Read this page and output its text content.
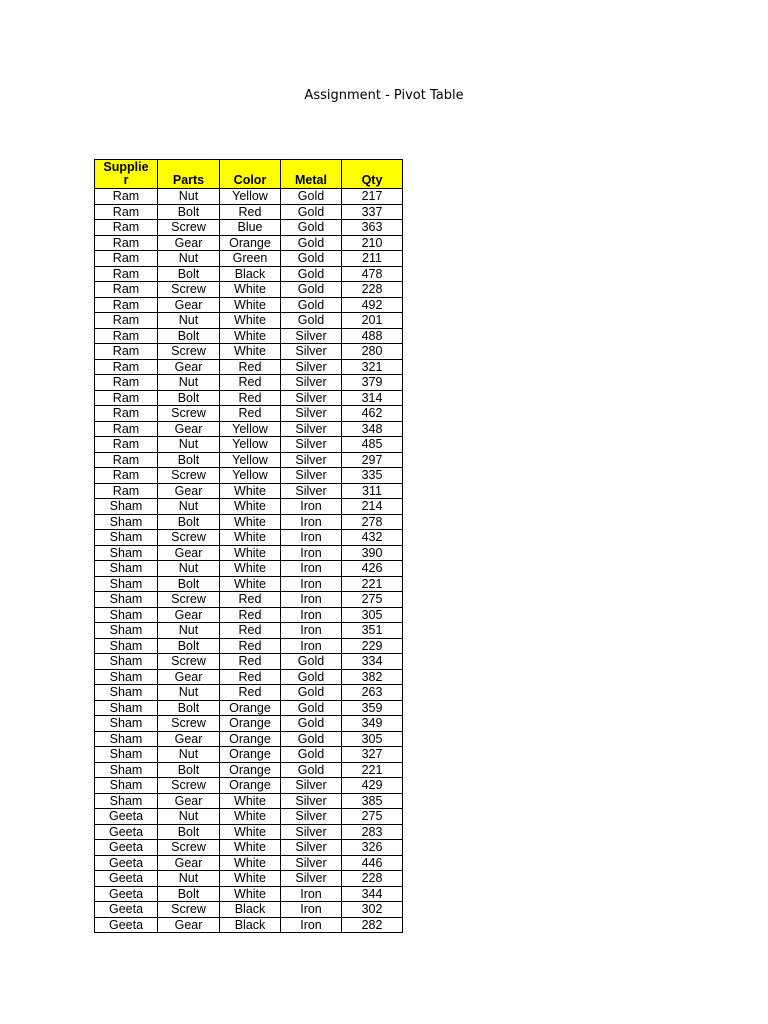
Assignment - Pivot Table
Supplie
r	Parts	Color	Metal	Qty

Ram	Nut	Yellow	Gold	217
Ram	Bolt	Red	Gold	337
Ram	Screw	Blue	Gold	363
Ram	Gear	Orange	Gold	210
Ram	Nut	Green	Gold	211
Ram	Bolt	Black	Gold	478
Ram	Screw	White	Gold	228
Ram	Gear	White	Gold	492
Ram	Nut	White	Gold	201
Ram	Bolt	White	Silver	488
Ram	Screw	White	Silver	280
Ram	Gear	Red	Silver	321
Ram	Nut	Red	Silver	379
Ram	Bolt	Red	Silver	314
Ram	Screw	Red	Silver	462
Ram	Gear	Yellow	Silver	348
Ram	Nut	Yellow	Silver	485
Ram	Bolt	Yellow	Silver	297
Ram	Screw	Yellow	Silver	335
Ram	Gear	White	Silver	311
Sham	Nut	White	Iron	214
Sham	Bolt	White	Iron	278
Sham	Screw	White	Iron	432
Sham	Gear	White	Iron	390
Sham	Nut	White	Iron	426
Sham	Bolt	White	Iron	221
Sham	Screw	Red	Iron	275
Sham	Gear	Red	Iron	305
Sham	Nut	Red	Iron	351
Sham	Bolt	Red	Iron	229
Sham	Screw	Red	Gold	334
Sham	Gear	Red	Gold	382
Sham	Nut	Red	Gold	263
Sham	Bolt	Orange	Gold	359
Sham	Screw	Orange	Gold	349
Sham	Gear	Orange	Gold	305
Sham	Nut	Orange	Gold	327
Sham	Bolt	Orange	Gold	221
Sham	Screw	Orange	Silver	429
Sham	Gear	White	Silver	385
Geeta	Nut	White	Silver	275
Geeta	Bolt	White	Silver	283
Geeta	Screw	White	Silver	326
Geeta	Gear	White	Silver	446
Geeta	Nut	White	Silver	228
Geeta	Bolt	White	Iron	344
Geeta	Screw	Black	Iron	302
Geeta	Gear	Black	Iron	282
